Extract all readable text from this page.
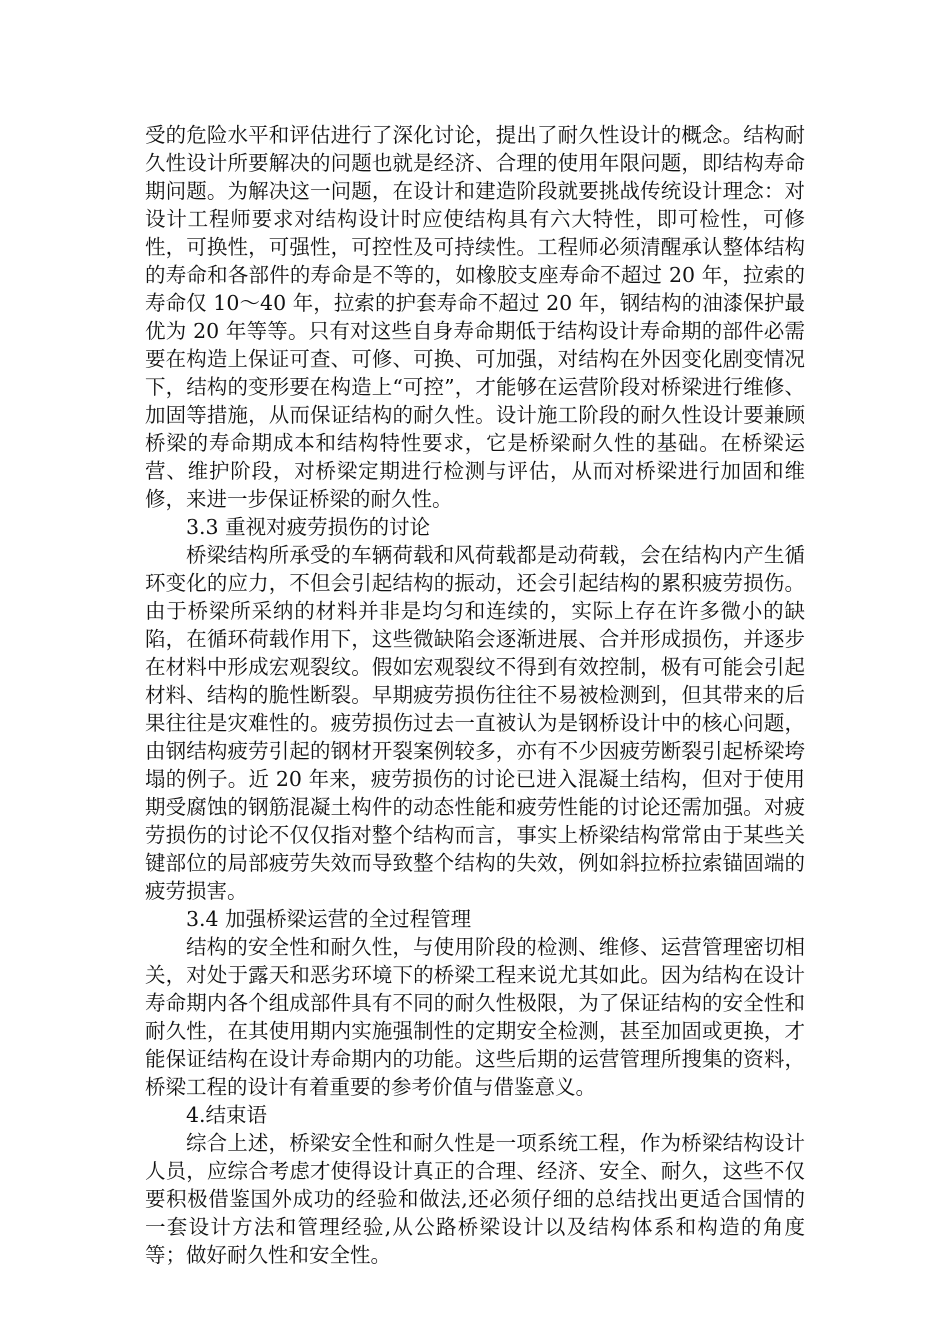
受的危险水平和评估进行了深化讨论，提出了耐久性设计的概念。结构耐久性设计所要解决的问题也就是经济、合理的使用年限问题，即结构寿命期问题。为解决这一问题，在设计和建造阶段就要挑战传统设计理念：对设计工程师要求对结构设计时应使结构具有六大特性，即可检性，可修性，可换性，可强性，可控性及可持续性。工程师必须清醒承认整体结构的寿命和各部件的寿命是不等的，如橡胶支座寿命不超过 20 年，拉索的寿命仅 10～40 年，拉索的护套寿命不超过 20 年，钢结构的油漆保护最优为 20 年等等。只有对这些自身寿命期低于结构设计寿命期的部件必需要在构造上保证可查、可修、可换、可加强，对结构在外因变化剧变情况下，结构的变形要在构造上“可控”，才能够在运营阶段对桥梁进行维修、加固等措施，从而保证结构的耐久性。设计施工阶段的耐久性设计要兼顾桥梁的寿命期成本和结构特性要求，它是桥梁耐久性的基础。在桥梁运营、维护阶段，对桥梁定期进行检测与评估，从而对桥梁进行加固和维修，来进一步保证桥梁的耐久性。

3.3 重视对疲劳损伤的讨论

桥梁结构所承受的车辆荷载和风荷载都是动荷载，会在结构内产生循环变化的应力，不但会引起结构的振动，还会引起结构的累积疲劳损伤。由于桥梁所采纳的材料并非是均匀和连续的，实际上存在许多微小的缺陷，在循环荷载作用下，这些微缺陷会逐渐进展、合并形成损伤，并逐步在材料中形成宏观裂纹。假如宏观裂纹不得到有效控制，极有可能会引起材料、结构的脆性断裂。早期疲劳损伤往往不易被检测到，但其带来的后果往往是灾难性的。疲劳损伤过去一直被认为是钢桥设计中的核心问题，由钢结构疲劳引起的钢材开裂案例较多，亦有不少因疲劳断裂引起桥梁垮塌的例子。近 20 年来，疲劳损伤的讨论已进入混凝土结构，但对于使用期受腐蚀的钢筋混凝土构件的动态性能和疲劳性能的讨论还需加强。对疲劳损伤的讨论不仅仅指对整个结构而言，事实上桥梁结构常常由于某些关键部位的局部疲劳失效而导致整个结构的失效，例如斜拉桥拉索锚固端的疲劳损害。

3.4 加强桥梁运营的全过程管理

结构的安全性和耐久性，与使用阶段的检测、维修、运营管理密切相关，对处于露天和恶劣环境下的桥梁工程来说尤其如此。因为结构在设计寿命期内各个组成部件具有不同的耐久性极限，为了保证结构的安全性和耐久性，在其使用期内实施强制性的定期安全检测，甚至加固或更换，才能保证结构在设计寿命期内的功能。这些后期的运营管理所搜集的资料，桥梁工程的设计有着重要的参考价值与借鉴意义。

4.结束语

综合上述，桥梁安全性和耐久性是一项系统工程，作为桥梁结构设计人员，应综合考虑才使得设计真正的合理、经济、安全、耐久，这些不仅要积极借鉴国外成功的经验和做法,还必须仔细的总结找出更适合国情的一套设计方法和管理经验,从公路桥梁设计以及结构体系和构造的角度等；做好耐久性和安全性。
